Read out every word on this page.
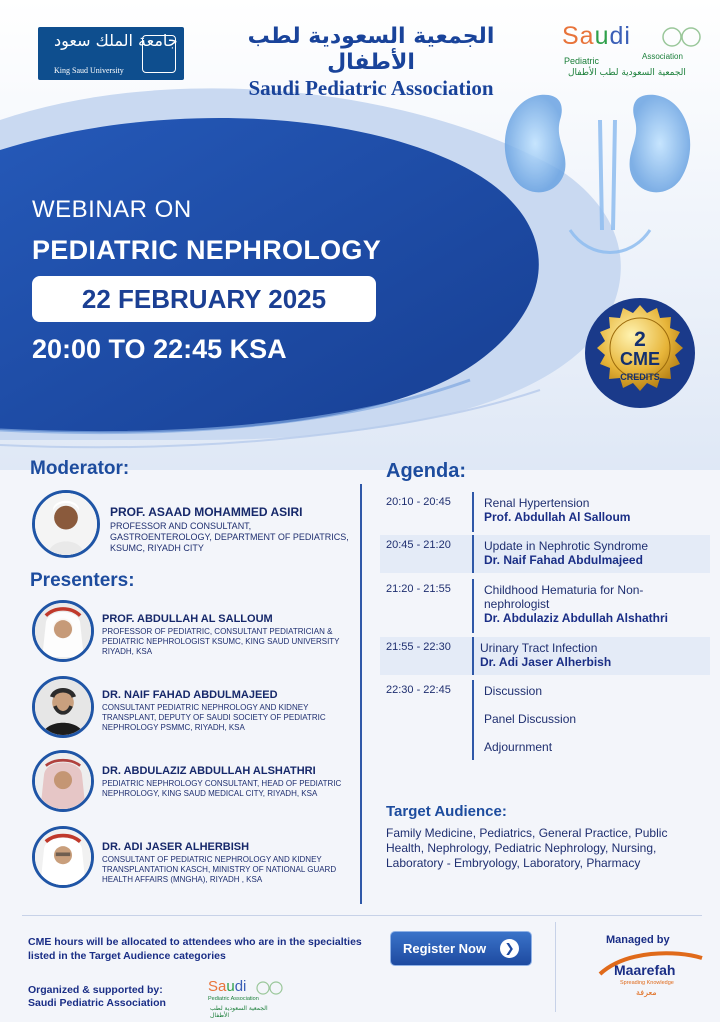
جامعة الملك سعود
King Saud University
الجمعية السعودية لطب الأطفال
Saudi Pediatric Association
Saudi
Pediatric	Association
الجمعية السعودية لطب الأطفال
WEBINAR ON
PEDIATRIC NEPHROLOGY
22 FEBRUARY 2025
20:00 TO 22:45 KSA	2
CME
CREDITS
Moderator:
PROF. ASAAD MOHAMMED ASIRI
PROFESSOR AND CONSULTANT, GASTROENTEROLOGY, DEPARTMENT OF PEDIATRICS, KSUMC, RIYADH CITY
Presenters:
PROF. ABDULLAH AL SALLOUM
PROFESSOR OF PEDIATRIC, CONSULTANT PEDIATRICIAN & PEDIATRIC NEPHROLOGIST KSUMC, KING SAUD UNIVERSITY RIYADH, KSA
DR. NAIF FAHAD ABDULMAJEED
CONSULTANT PEDIATRIC NEPHROLOGY AND KIDNEY TRANSPLANT, DEPUTY OF SAUDI SOCIETY OF PEDIATRIC NEPHROLOGY PSMMC, RIYADH, KSA
DR. ABDULAZIZ ABDULLAH ALSHATHRI
PEDIATRIC NEPHROLOGY CONSULTANT, HEAD OF PEDIATRIC NEPHROLOGY, KING SAUD MEDICAL CITY, RIYADH, KSA
DR. ADI JASER ALHERBISH
CONSULTANT OF PEDIATRIC NEPHROLOGY AND KIDNEY TRANSPLANTATION KASCH, MINISTRY OF NATIONAL GUARD HEALTH AFFAIRS (MNGHA), RIYADH , KSA
Agenda:
20:10 - 20:45	Renal Hypertension
Prof. Abdullah Al Salloum
20:45 - 21:20	Update in Nephrotic Syndrome
Dr. Naif Fahad Abdulmajeed
21:20 - 21:55	Childhood Hematuria for Non-nephrologist
Dr. Abdulaziz Abdullah Alshathri
21:55 - 22:30 Urinary Tract Infection
Dr. Adi Jaser Alherbish
22:30 - 22:45	Discussion
Panel Discussion
Adjournment
Target Audience:
Family Medicine, Pediatrics, General Practice, Public Health, Nephrology, Pediatric Nephrology, Nursing, Laboratory - Embryology, Laboratory, Pharmacy
CME hours will be allocated to attendees who are in the specialties listed in the Target Audience categories
Organized & supported by:
Saudi Pediatric Association
Saudi
Pediatric Association
الجمعية السعودية لطب الأطفال
Register Now	❯
Managed by
Maarefah
Spreading Knowledge
معرفة
